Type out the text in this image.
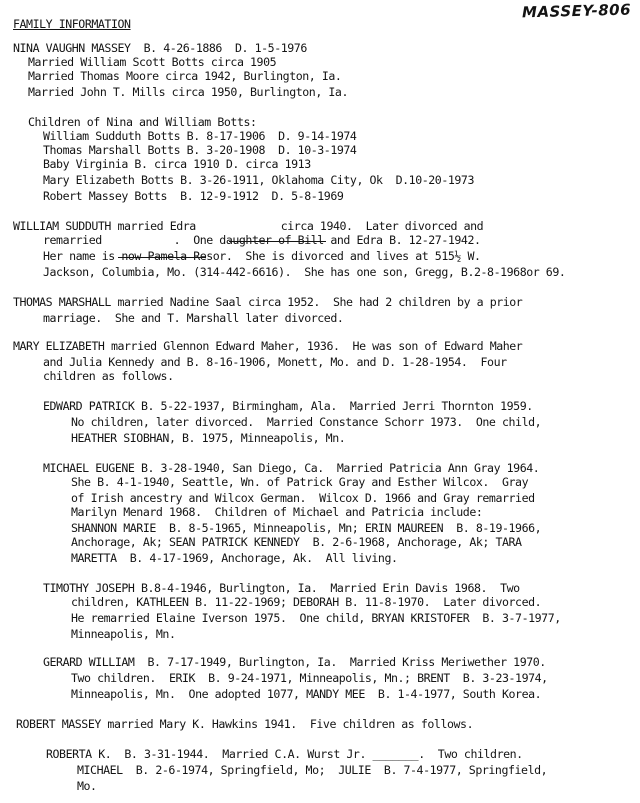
FAMILY INFORMATION
MASSEY-806
NINA VAUGHN MASSEY  B. 4-26-1886  D. 1-5-1976
Married William Scott Botts circa 1905
Married Thomas Moore circa 1942, Burlington, Ia.
Married John T. Mills circa 1950, Burlington, Ia.
Children of Nina and William Botts:
William Sudduth Botts B. 8-17-1906  D. 9-14-1974
Thomas Marshall Botts B. 3-20-1908  D. 10-3-1974
Baby Virginia B. circa 1910 D. circa 1913
Mary Elizabeth Botts B. 3-26-1911, Oklahoma City, Ok  D.10-20-1973
Robert Massey Botts  B. 12-9-1912  D. 5-8-1969
WILLIAM SUDDUTH married Edra             circa 1940.  Later divorced and
remarried           .  One daughter of Bill and Edra B. 12-27-1942.
Her name is now Pamela Resor.  She is divorced and lives at 515½ W.
Jackson, Columbia, Mo. (314-442-6616).  She has one son, Gregg, B.2-8-1968or 69.
THOMAS MARSHALL married Nadine Saal circa 1952.  She had 2 children by a prior
marriage.  She and T. Marshall later divorced.
MARY ELIZABETH married Glennon Edward Maher, 1936.  He was son of Edward Maher
and Julia Kennedy and B. 8-16-1906, Monett, Mo. and D. 1-28-1954.  Four
children as follows.
EDWARD PATRICK B. 5-22-1937, Birmingham, Ala.  Married Jerri Thornton 1959.
No children, later divorced.  Married Constance Schorr 1973.  One child,
HEATHER SIOBHAN, B. 1975, Minneapolis, Mn.
MICHAEL EUGENE B. 3-28-1940, San Diego, Ca.  Married Patricia Ann Gray 1964.
She B. 4-1-1940, Seattle, Wn. of Patrick Gray and Esther Wilcox.  Gray
of Irish ancestry and Wilcox German.  Wilcox D. 1966 and Gray remarried
Marilyn Menard 1968.  Children of Michael and Patricia include:
SHANNON MARIE  B. 8-5-1965, Minneapolis, Mn; ERIN MAUREEN  B. 8-19-1966,
Anchorage, Ak; SEAN PATRICK KENNEDY  B. 2-6-1968, Anchorage, Ak; TARA
MARETTA  B. 4-17-1969, Anchorage, Ak.  All living.
TIMOTHY JOSEPH B.8-4-1946, Burlington, Ia.  Married Erin Davis 1968.  Two
children, KATHLEEN B. 11-22-1969; DEBORAH B. 11-8-1970.  Later divorced.
He remarried Elaine Iverson 1975.  One child, BRYAN KRISTOFER  B. 3-7-1977,
Minneapolis, Mn.
GERARD WILLIAM  B. 7-17-1949, Burlington, Ia.  Married Kriss Meriwether 1970.
Two children.  ERIK  B. 9-24-1971, Minneapolis, Mn.; BRENT  B. 3-23-1974,
Minneapolis, Mn.  One adopted 1077, MANDY MEE  B. 1-4-1977, South Korea.
ROBERT MASSEY married Mary K. Hawkins 1941.  Five children as follows.
ROBERTA K.  B. 3-31-1944.  Married C.A. Wurst Jr. _______.  Two children.
MICHAEL  B. 2-6-1974, Springfield, Mo;  JULIE  B. 7-4-1977, Springfield,
Mo.
